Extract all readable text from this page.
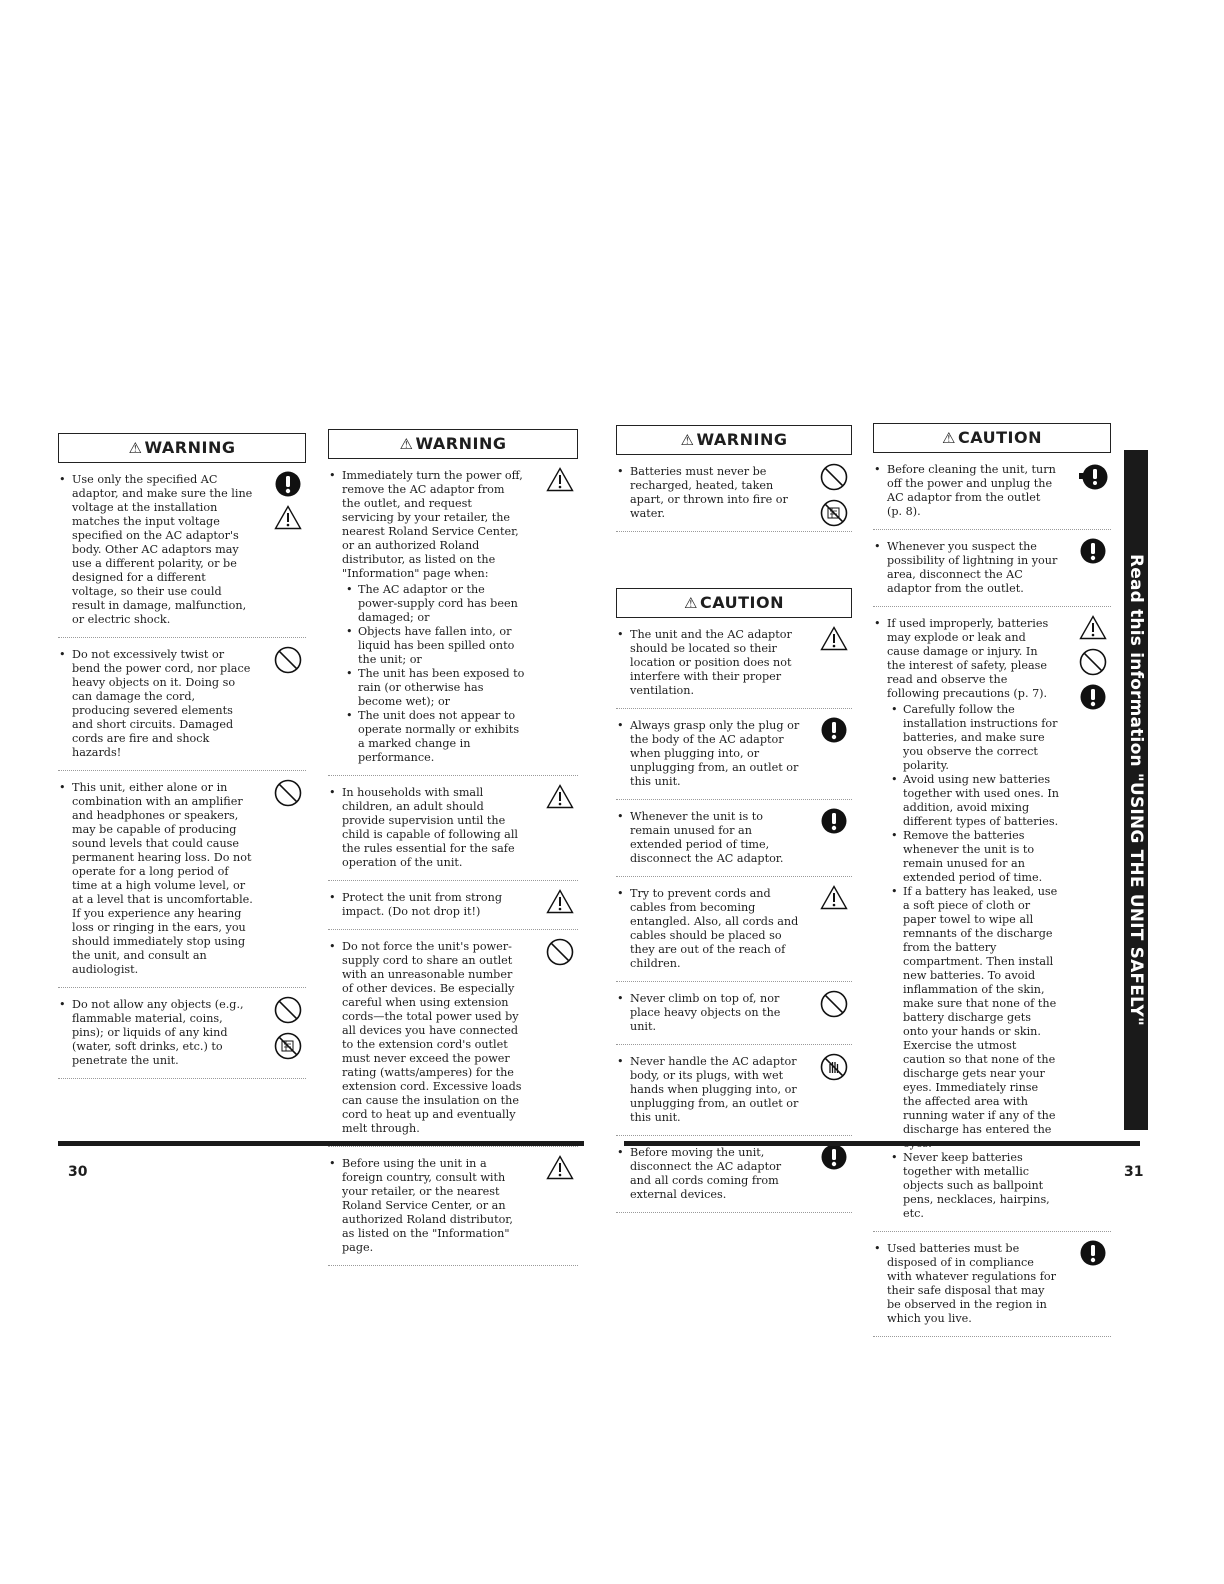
⚠ WARNING
• Use only the specified AC adaptor, and make sure the line voltage at the installation matches the input voltage specified on the AC adaptor's body. Other AC adaptors may use a different polarity, or be designed for a different voltage, so their use could result in damage, malfunction, or electric shock.

• Do not excessively twist or bend the power cord, nor place heavy objects on it. Doing so can damage the cord, producing severed elements and short circuits. Damaged cords are fire and shock hazards!

• This unit, either alone or in combination with an amplifier and headphones or speakers, may be capable of producing sound levels that could cause permanent hearing loss. Do not operate for a long period of time at a high volume level, or at a level that is uncomfortable. If you experience any hearing loss or ringing in the ears, you should immediately stop using the unit, and consult an audiologist.

• Do not allow any objects (e.g., flammable material, coins, pins); or liquids of any kind (water, soft drinks, etc.) to penetrate the unit.

⚠ WARNING
• Immediately turn the power off, remove the AC adaptor from the outlet, and request servicing by your retailer, the nearest Roland Service Center, or an authorized Roland distributor, as listed on the "Information" page when:

• The AC adaptor or the power-supply cord has been damaged; or
• Objects have fallen into, or liquid has been spilled onto the unit; or
• The unit has been exposed to rain (or otherwise has become wet); or
• The unit does not appear to operate normally or exhibits a marked change in performance.
• In households with small children, an adult should provide supervision until the child is capable of following all the rules essential for the safe operation of the unit.

• Protect the unit from strong impact. (Do not drop it!)

• Do not force the unit's power-supply cord to share an outlet with an unreasonable number of other devices. Be especially careful when using extension cords—the total power used by all devices you have connected to the extension cord's outlet must never exceed the power rating (watts/amperes) for the extension cord. Excessive loads can cause the insulation on the cord to heat up and eventually melt through.

• Before using the unit in a foreign country, consult with your retailer, or the nearest Roland Service Center, or an authorized Roland distributor, as listed on the "Information" page.

30
⚠ WARNING
• Batteries must never be recharged, heated, taken apart, or thrown into fire or water.

⚠ CAUTION
• The unit and the AC adaptor should be located so their location or position does not interfere with their proper ventilation.

• Always grasp only the plug or the body of the AC adaptor when plugging into, or unplugging from, an outlet or this unit.

• Whenever the unit is to remain unused for an extended period of time, disconnect the AC adaptor.

• Try to prevent cords and cables from becoming entangled. Also, all cords and cables should be placed so they are out of the reach of children.

• Never climb on top of, nor place heavy objects on the unit.

• Never handle the AC adaptor body, or its plugs, with wet hands when plugging into, or unplugging from, an outlet or this unit.

• Before moving the unit, disconnect the AC adaptor and all cords coming from external devices.

⚠ CAUTION
• Before cleaning the unit, turn off the power and unplug the AC adaptor from the outlet (p. 8).

• Whenever you suspect the possibility of lightning in your area, disconnect the AC adaptor from the outlet.

• If used improperly, batteries may explode or leak and cause damage or injury. In the interest of safety, please read and observe the following precautions (p. 7).

• Carefully follow the installation instructions for batteries, and make sure you observe the correct polarity.
• Avoid using new batteries together with used ones. In addition, avoid mixing different types of batteries.
• Remove the batteries whenever the unit is to remain unused for an extended period of time.
• If a battery has leaked, use a soft piece of cloth or paper towel to wipe all remnants of the discharge from the battery compartment. Then install new batteries. To avoid inflammation of the skin, make sure that none of the battery discharge gets onto your hands or skin. Exercise the utmost caution so that none of the discharge gets near your eyes. Immediately rinse the affected area with running water if any of the discharge has entered the
• Never keep batteries together with metallic objects such as ballpoint pens, necklaces, hairpins, etc.
• Used batteries must be disposed of in compliance with whatever regulations for their safe disposal that may be observed in the region in which you live.

Read this information "USING THE UNIT SAFELY"
31
